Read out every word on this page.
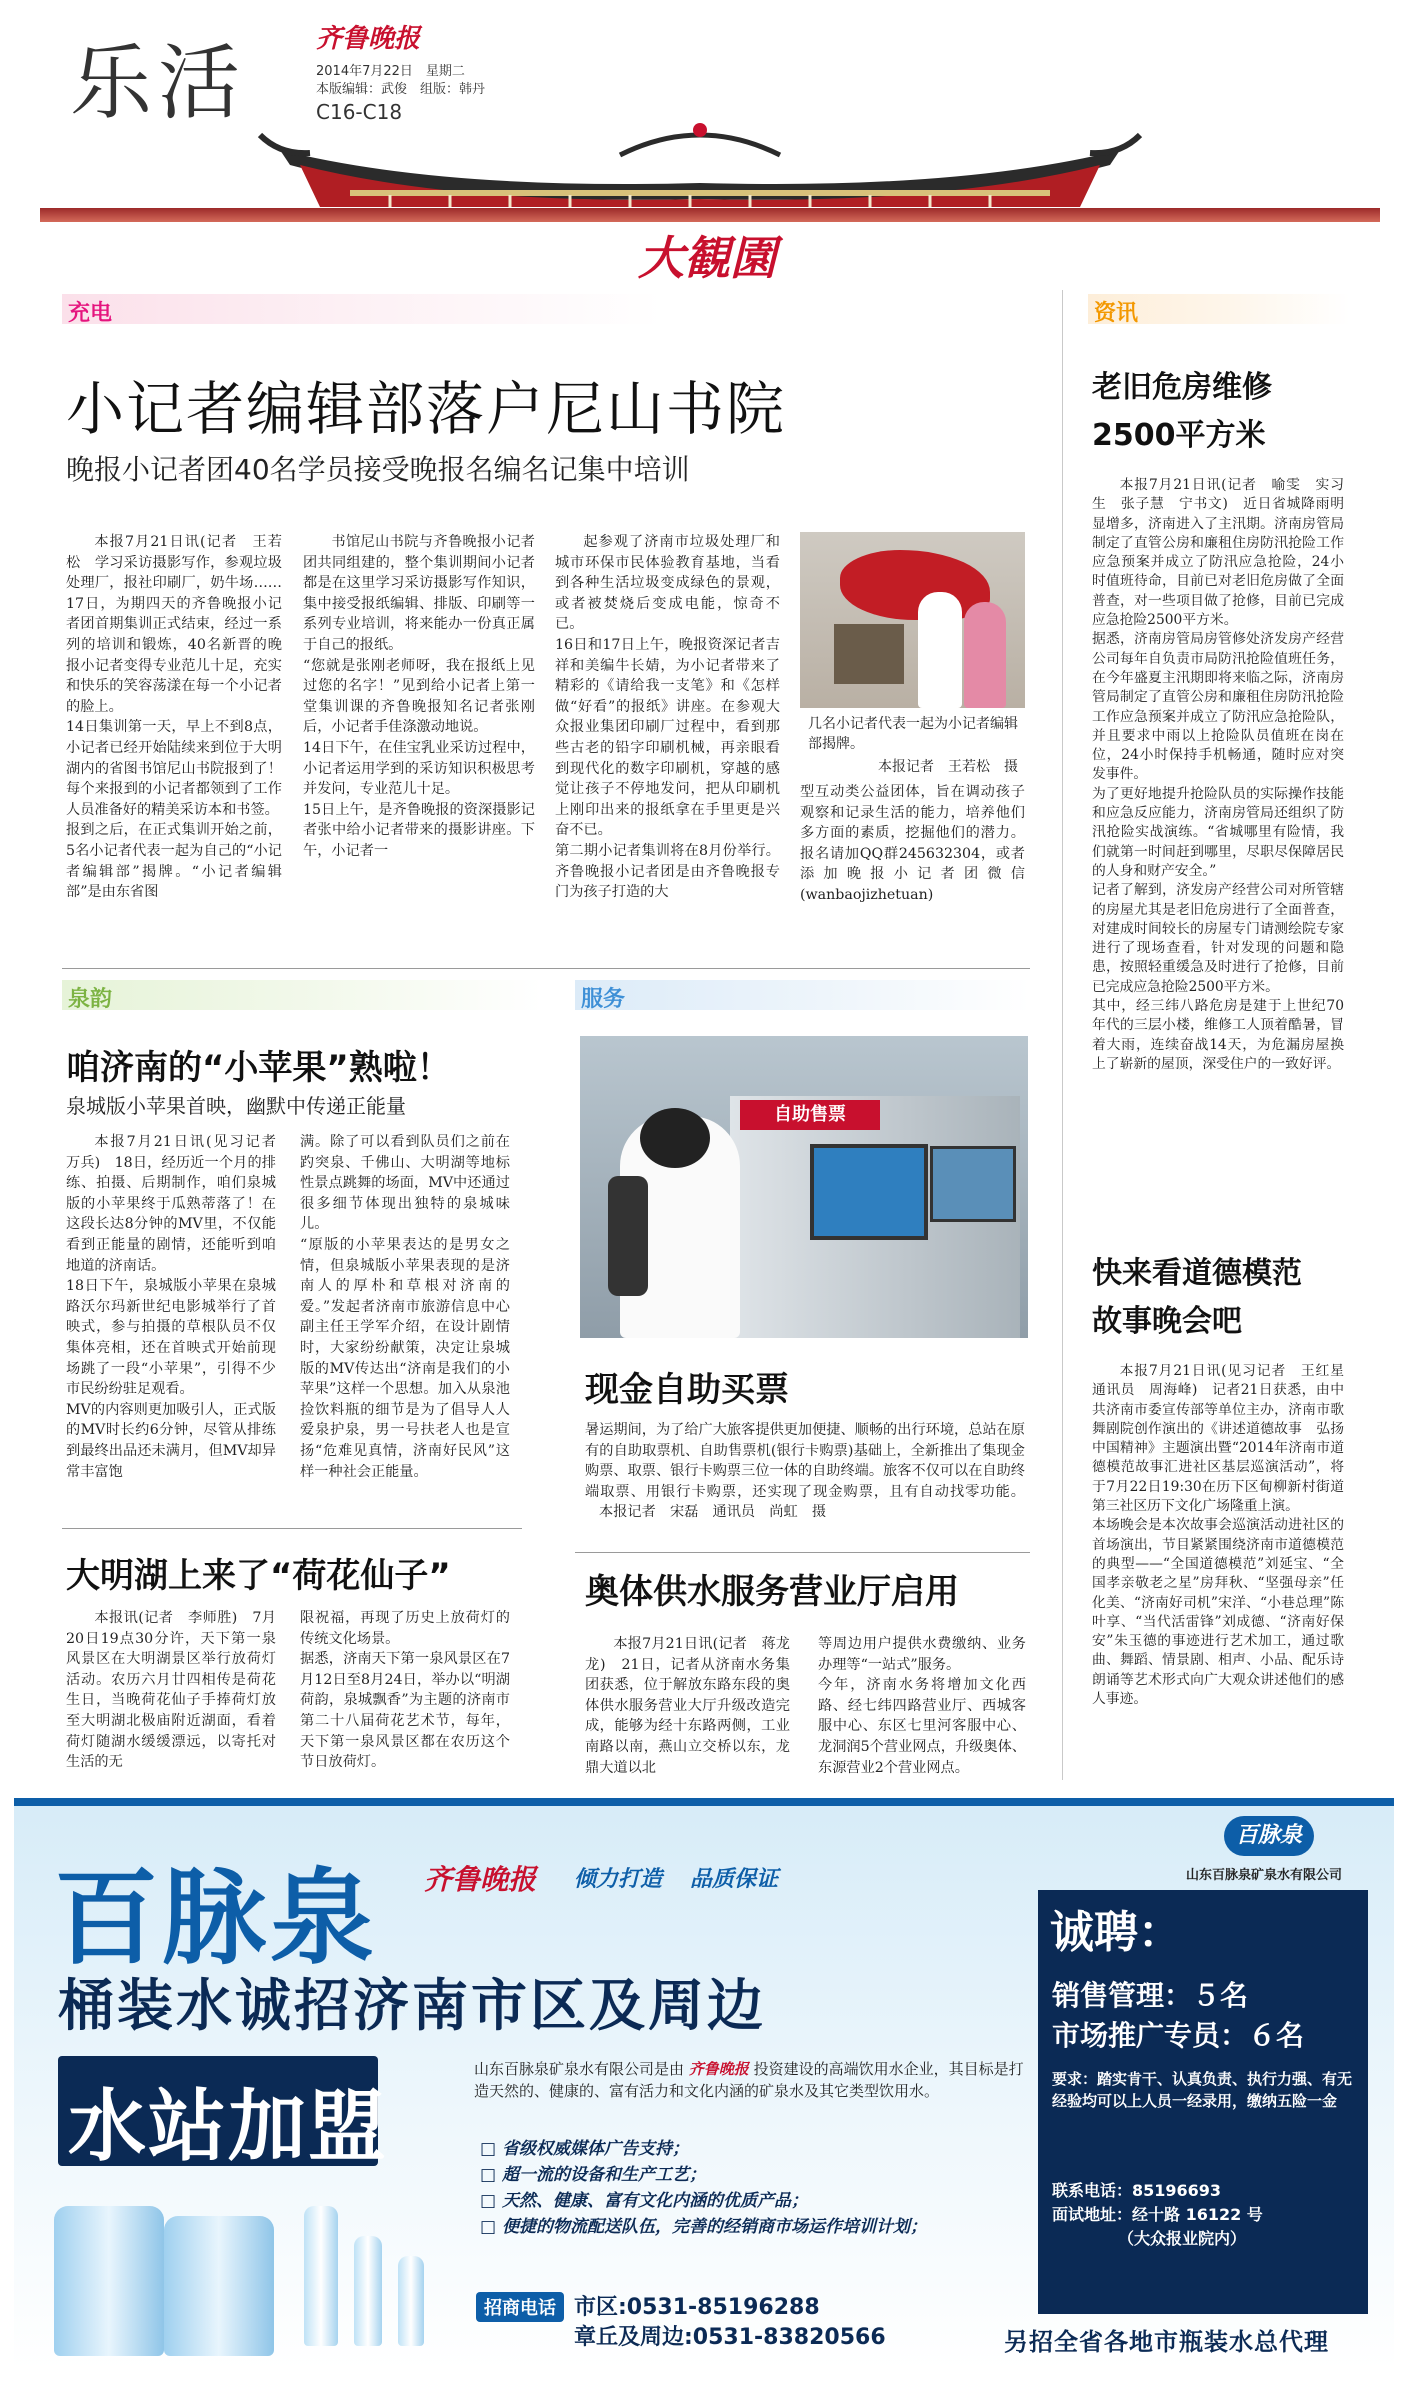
乐活	齐鲁晚报
2014年7月22日　星期二
本版编辑：武俊　组版：韩丹
C16-C18
大観園
充电
小记者编辑部落户尼山书院
晚报小记者团40名学员接受晚报名编名记集中培训

本报7月21日讯(记者　王若松　学习采访摄影写作，参观垃圾处理厂，报社印刷厂，奶牛场……17日，为期四天的齐鲁晚报小记者团首期集训正式结束，经过一系列的培训和锻炼，40名新晋的晚报小记者变得专业范儿十足，充实和快乐的笑容荡漾在每一个小记者的脸上。
14日集训第一天，早上不到8点，小记者已经开始陆续来到位于大明湖内的省图书馆尼山书院报到了！每个来报到的小记者都领到了工作人员准备好的精美采访本和书签。
报到之后，在正式集训开始之前，5名小记者代表一起为自己的“小记者编辑部”揭牌。“小记者编辑部”是由东省图

书馆尼山书院与齐鲁晚报小记者团共同组建的，整个集训期间小记者都是在这里学习采访摄影写作知识，集中接受报纸编辑、排版、印刷等一系列专业培训，将来能办一份真正属于自己的报纸。
“您就是张刚老师呀，我在报纸上见过您的名字！”见到给小记者上第一堂集训课的齐鲁晚报知名记者张刚后，小记者手佳涤激动地说。
14日下午，在佳宝乳业采访过程中，小记者运用学到的采访知识积极思考并发问，专业范儿十足。
15日上午，是齐鲁晚报的资深摄影记者张中给小记者带来的摄影讲座。下午，小记者一

起参观了济南市垃圾处理厂和城市环保市民体验教育基地，当看到各种生活垃圾变成绿色的景观，或者被焚烧后变成电能，惊奇不已。
16日和17日上午，晚报资深记者吉祥和美编牛长婧，为小记者带来了精彩的《请给我一支笔》和《怎样做“好看”的报纸》讲座。在参观大众报业集团印刷厂过程中，看到那些古老的铅字印刷机械，再亲眼看到现代化的数字印刷机，穿越的感觉让孩子不停地发问，把从印刷机上刚印出来的报纸拿在手里更是兴奋不已。
第二期小记者集训将在8月份举行。齐鲁晚报小记者团是由齐鲁晚报专门为孩子打造的大

几名小记者代表一起为小记者编辑部揭牌。
本报记者　王若松　摄

型互动类公益团体，旨在调动孩子观察和记录生活的能力，培养他们多方面的素质，挖掘他们的潜力。报名请加QQ群245632304，或者添加晚报小记者团微信(wanbaojizhetuan)

泉韵
咱济南的“小苹果”熟啦！
泉城版小苹果首映，幽默中传递正能量

本报7月21日讯(见习记者　万兵)　18日，经历近一个月的排练、拍摄、后期制作，咱们泉城版的小苹果终于瓜熟蒂落了！在这段长达8分钟的MV里，不仅能看到正能量的剧情，还能听到咱地道的济南话。
18日下午，泉城版小苹果在泉城路沃尔玛新世纪电影城举行了首映式，参与拍摄的草根队员不仅集体亮相，还在首映式开始前现场跳了一段“小苹果”，引得不少市民纷纷驻足观看。
MV的内容则更加吸引人，正式版的MV时长约6分钟，尽管从排练到最终出品还未满月，但MV却异常丰富饱

满。除了可以看到队员们之前在趵突泉、千佛山、大明湖等地标性景点跳舞的场面，MV中还通过很多细节体现出独特的泉城味儿。
“原版的小苹果表达的是男女之情，但泉城版小苹果表现的是济南人的厚朴和草根对济南的爱。”发起者济南市旅游信息中心副主任王学军介绍，在设计剧情时，大家纷纷献策，决定让泉城版的MV传达出“济南是我们的小苹果”这样一个思想。加入从泉池捡饮料瓶的细节是为了倡导人人爱泉护泉，男一号扶老人也是宣扬“危难见真情，济南好民风”这样一种社会正能量。

大明湖上来了“荷花仙子”

本报讯(记者　李师胜)　7月20日19点30分许，天下第一泉风景区在大明湖景区举行放荷灯活动。农历六月廿四相传是荷花生日，当晚荷花仙子手捧荷灯放至大明湖北极庙附近湖面，看着荷灯随湖水缓缓漂远，以寄托对生活的无

限祝福，再现了历史上放荷灯的传统文化场景。
据悉，济南天下第一泉风景区在7月12日至8月24日，举办以“明湖荷韵，泉城飘香”为主题的济南市第二十八届荷花艺术节，每年，天下第一泉风景区都在农历这个节日放荷灯。

服务
自助售票
现金自助买票

暑运期间，为了给广大旅客提供更加便捷、顺畅的出行环境，总站在原有的自助取票机、自助售票机(银行卡购票)基础上，全新推出了集现金购票、取票、银行卡购票三位一体的自助终端。旅客不仅可以在自助终端取票、用银行卡购票，还实现了现金购票，且有自动找零功能。

本报记者　宋磊　通讯员　尚虹　摄
奥体供水服务营业厅启用

本报7月21日讯(记者　蒋龙龙)　21日，记者从济南水务集团获悉，位于解放东路东段的奥体供水服务营业大厅升级改造完成，能够为经十东路两侧，工业南路以南，燕山立交桥以东，龙鼎大道以北

等周边用户提供水费缴纳、业务办理等“一站式”服务。
今年，济南水务将增加文化西路、经七纬四路营业厅、西城客服中心、东区七里河客服中心、龙洞润5个营业网点，升级奥体、东源营业2个营业网点。

资讯
老旧危房维修
2500平方米

本报7月21日讯(记者　喻雯　实习生　张子慧　宁书文)　近日省城降雨明显增多，济南进入了主汛期。济南房管局制定了直管公房和廉租住房防汛抢险工作应急预案并成立了防汛应急抢险，24小时值班待命，目前已对老旧危房做了全面普查，对一些项目做了抢修，目前已完成应急抢险2500平方米。
据悉，济南房管局房管修处济发房产经营公司每年自负责市局防汛抢险值班任务，在今年盛夏主汛期即将来临之际，济南房管局制定了直管公房和廉租住房防汛抢险工作应急预案并成立了防汛应急抢险队，并且要求中雨以上抢险队员值班在岗在位，24小时保持手机畅通，随时应对突发事件。
为了更好地提升抢险队员的实际操作技能和应急反应能力，济南房管局还组织了防汛抢险实战演练。“省城哪里有险情，我们就第一时间赶到哪里，尽职尽保障居民的人身和财产安全。”
记者了解到，济发房产经营公司对所管辖的房屋尤其是老旧危房进行了全面普查，对建成时间较长的房屋专门请测绘院专家进行了现场查看，针对发现的问题和隐患，按照轻重缓急及时进行了抢修，目前已完成应急抢险2500平方米。
其中，经三纬八路危房是建于上世纪70年代的三层小楼，维修工人顶着酷暑，冒着大雨，连续奋战14天，为危漏房屋换上了崭新的屋顶，深受住户的一致好评。

快来看道德模范
故事晚会吧

本报7月21日讯(见习记者　王红星　通讯员　周海峰)　记者21日获悉，由中共济南市委宣传部等单位主办，济南市歌舞剧院创作演出的《讲述道德故事　弘扬中国精神》主题演出暨“2014年济南市道德模范故事汇进社区基层巡演活动”，将于7月22日19:30在历下区甸柳新村街道第三社区历下文化广场隆重上演。
本场晚会是本次故事会巡演活动进社区的首场演出，节目紧紧围绕济南市道德模范的典型——“全国道德模范”刘延宝、“全国孝亲敬老之星”房拜秋、“坚强母亲”任化美、“济南好司机”宋洋、“小巷总理”陈叶享、“当代活雷锋”刘成德、“济南好保安”朱玉德的事迹进行艺术加工，通过歌曲、舞蹈、情景剧、相声、小品、配乐诗朗诵等艺术形式向广大观众讲述他们的感人事迹。

百脉泉 齐鲁晚报 倾力打造 品质保证
桶装水诚招济南市区及周边
水站加盟
山东百脉泉矿泉水有限公司是由 齐鲁晚报 投资建设的高端饮用水企业，其目标是打造天然的、健康的、富有活力和文化内涵的矿泉水及其它类型饮用水。
□ 省级权威媒体广告支持；
□ 超一流的设备和生产工艺；
□ 天然、健康、富有文化内涵的优质产品；
□ 便捷的物流配送队伍，完善的经销商市场运作培训计划；
招商电话 市区:0531-85196288
章丘及周边:0531-83820566
百脉泉
山东百脉泉矿泉水有限公司
诚聘：
销售管理：５名
市场推广专员：６名
要求：踏实肯干、认真负责、执行力强、有无经验均可以上人员一经录用，缴纳五险一金
联系电话：85196693
面试地址：经十路 16122 号
（大众报业院内）
另招全省各地市瓶装水总代理
